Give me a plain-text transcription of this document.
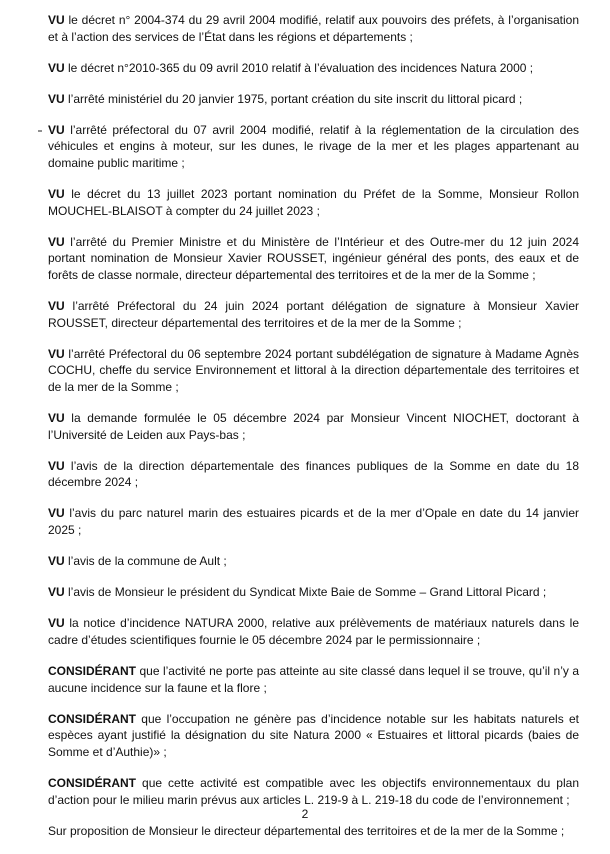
VU le décret n° 2004-374 du 29 avril 2004 modifié, relatif aux pouvoirs des préfets, à l’organisation et à l’action des services de l’État dans les régions et départements ;

VU le décret n°2010-365 du 09 avril 2010 relatif à l’évaluation des incidences Natura 2000 ;

VU l’arrêté ministériel du 20 janvier 1975, portant création du site inscrit du littoral picard ;

VU l’arrêté préfectoral du 07 avril 2004 modifié, relatif à la réglementation de la circulation des véhicules et engins à moteur, sur les dunes, le rivage de la mer et les plages appartenant au domaine public maritime ;

VU le décret du 13 juillet 2023 portant nomination du Préfet de la Somme, Monsieur Rollon MOUCHEL-BLAISOT à compter du 24 juillet 2023 ;

VU l’arrêté du Premier Ministre et du Ministère de l’Intérieur et des Outre-mer du 12 juin 2024 portant nomination de Monsieur Xavier ROUSSET, ingénieur général des ponts, des eaux et de forêts de classe normale, directeur départemental des territoires et de la mer de la Somme ;

VU l’arrêté Préfectoral du 24 juin 2024 portant délégation de signature à Monsieur Xavier ROUSSET, directeur départemental des territoires et de la mer de la Somme ;

VU l’arrêté Préfectoral du 06 septembre 2024 portant subdélégation de signature à Madame Agnès COCHU, cheffe du service Environnement et littoral à la direction départementale des territoires et de la mer de la Somme ;

VU la demande formulée le 05 décembre 2024 par Monsieur Vincent NIOCHET, doctorant à l’Université de Leiden aux Pays-bas ;

VU l’avis de la direction départementale des finances publiques de la Somme en date du 18 décembre 2024 ;

VU l’avis du parc naturel marin des estuaires picards et de la mer d’Opale en date du 14 janvier 2025 ;

VU l’avis de la commune de Ault ;

VU l’avis de Monsieur le président du Syndicat Mixte Baie de Somme – Grand Littoral Picard ;

VU la notice d’incidence NATURA 2000, relative aux prélèvements de matériaux naturels dans le cadre d’études scientifiques fournie le 05 décembre 2024 par le permissionnaire ;

CONSIDÉRANT que l’activité ne porte pas atteinte au site classé dans lequel il se trouve, qu’il n’y a aucune incidence sur la faune et la flore ;

CONSIDÉRANT que l’occupation ne génère pas d’incidence notable sur les habitats naturels et espèces ayant justifié la désignation du site Natura 2000 « Estuaires et littoral picards (baies de Somme et d’Authie)» ;

CONSIDÉRANT que cette activité est compatible avec les objectifs environnementaux du plan d’action pour le milieu marin prévus aux articles L. 219-9 à L. 219-18 du code de l’environnement ;

Sur proposition de Monsieur le directeur départemental des territoires et de la mer de la Somme ;

2
